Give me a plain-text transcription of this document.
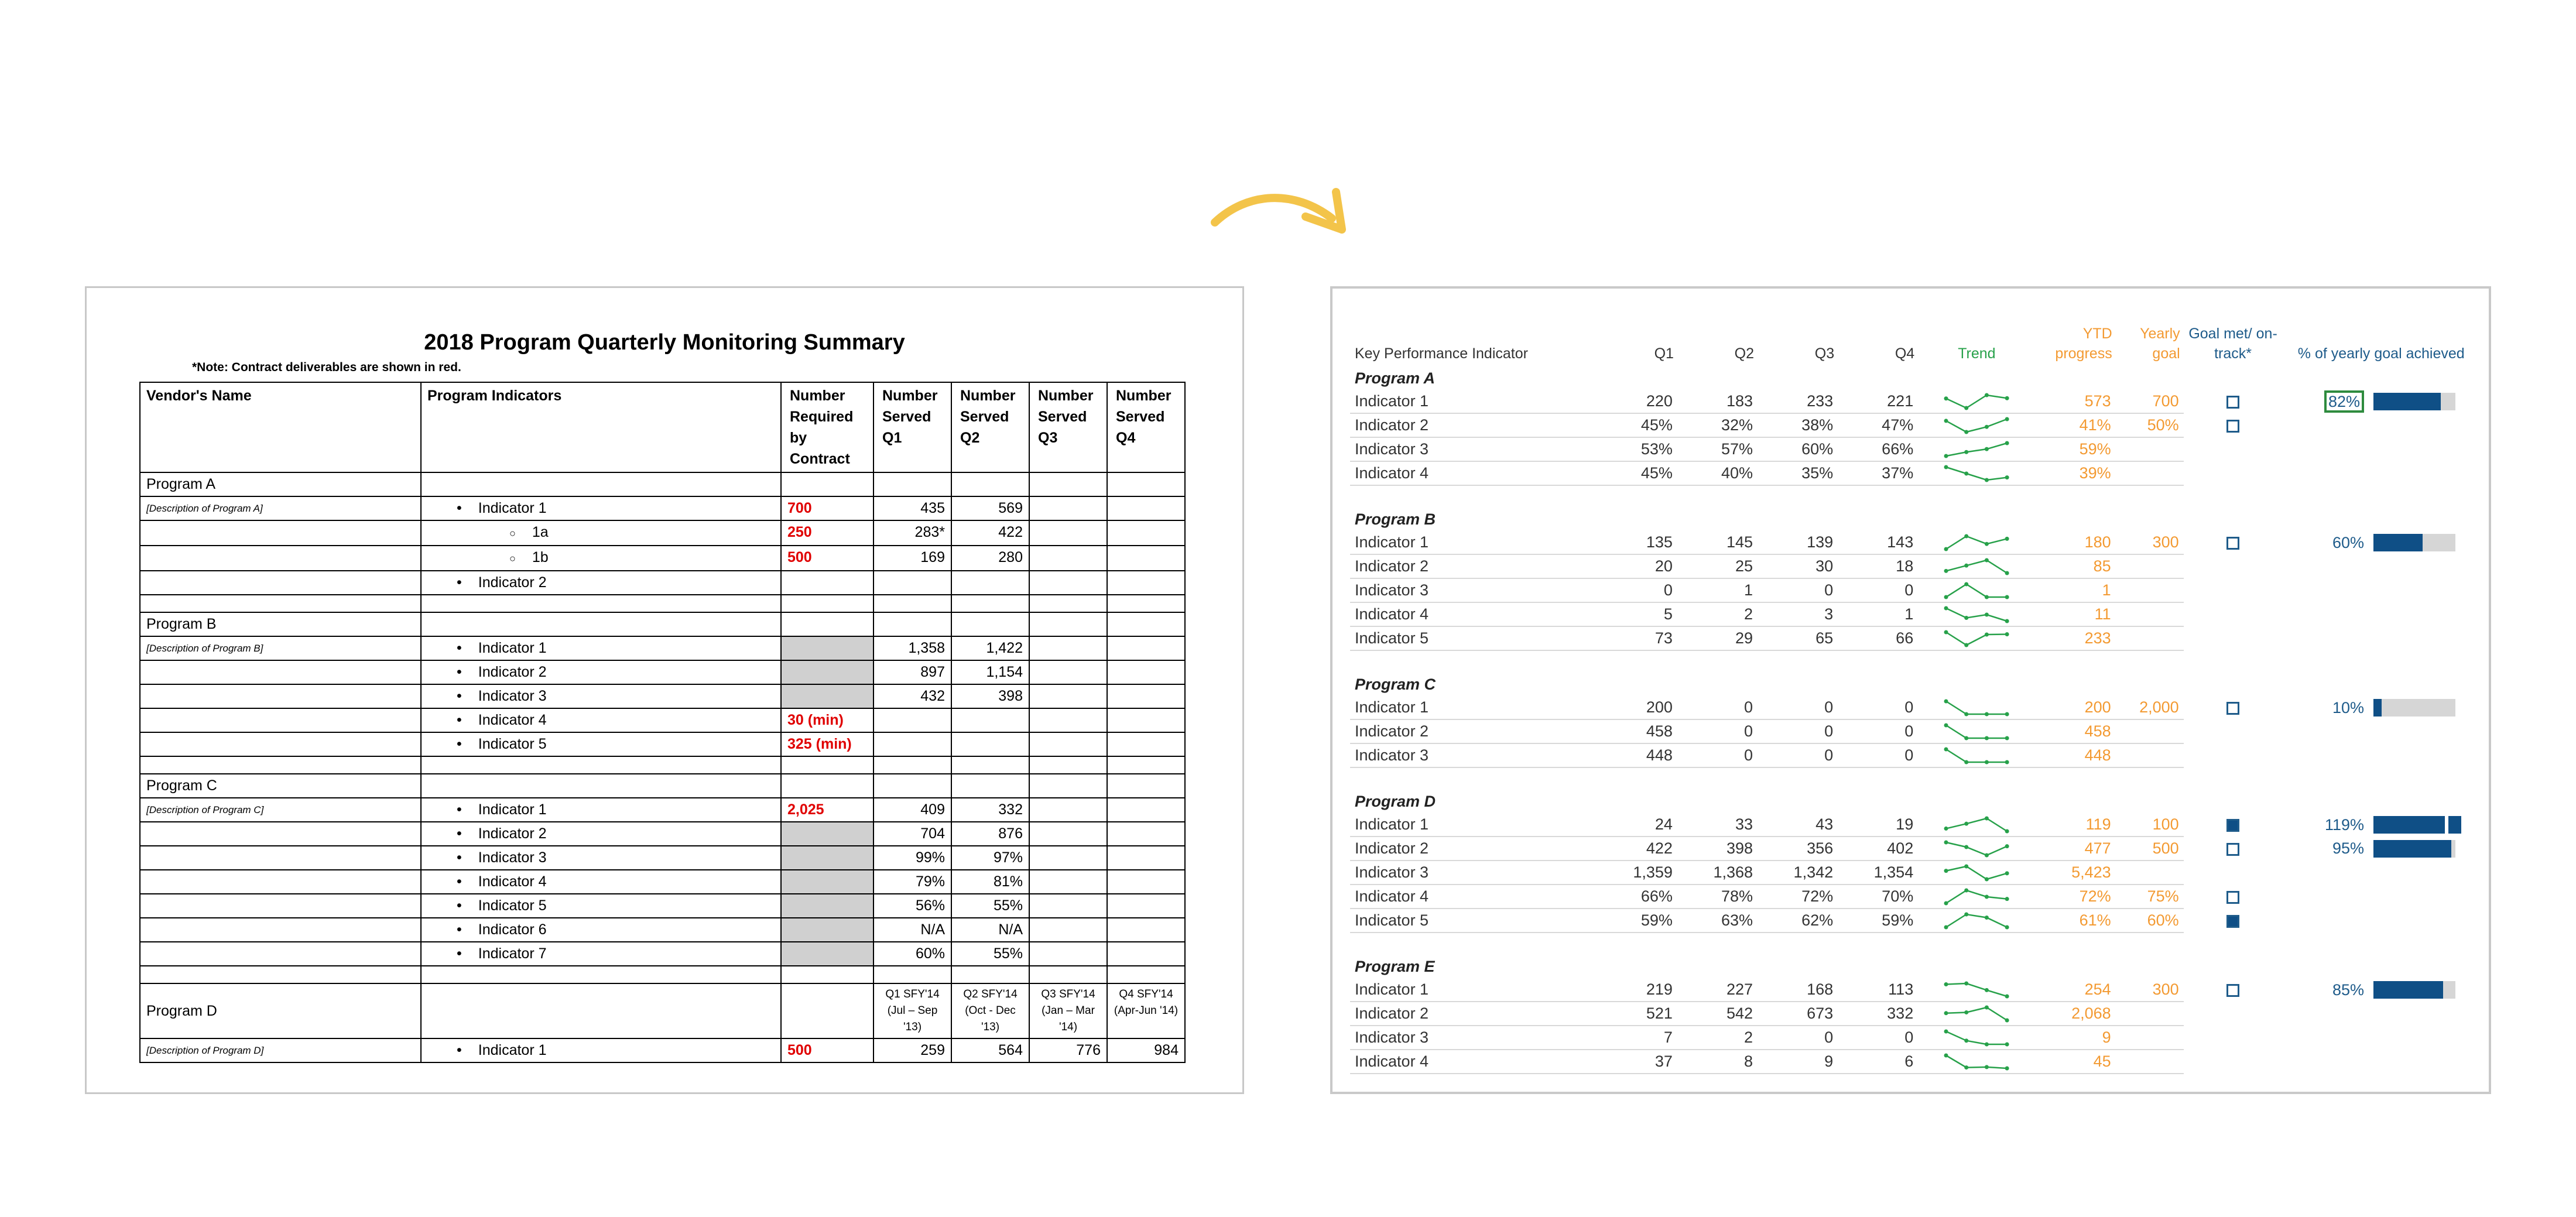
2018 Program Quarterly Monitoring Summary
*Note: Contract deliverables are shown in red.
Vendor's Name	Program Indicators	Number Required by Contract	Number Served Q1	Number Served Q2	Number Served Q3	Number Served Q4
Program A						
[Description of Program A]	• Indicator 1	700	435	569		
	○ 1a	250	283*	422		
	○ 1b	500	169	280		
	• Indicator 2					

Program B						
[Description of Program B]	• Indicator 1		1,358	1,422		
	• Indicator 2		897	1,154		
	• Indicator 3		432	398		
	• Indicator 4	30 (min)				
	• Indicator 5	325 (min)				

Program C						
[Description of Program C]	• Indicator 1	2,025	409	332		
	• Indicator 2		704	876		
	• Indicator 3		99%	97%		
	• Indicator 4		79%	81%		
	• Indicator 5		56%	55%		
	• Indicator 6		N/A	N/A		
	• Indicator 7		60%	55%		

Program D			Q1 SFY'14 (Jul – Sep '13)	Q2 SFY'14 (Oct - Dec '13)	Q3 SFY'14 (Jan – Mar '14)	Q4 SFY'14 (Apr-Jun '14)
[Description of Program D]	• Indicator 1	500	259	564	776	984
Key Performance Indicator	Q1	Q2	Q3	Q4	Trend	YTD progress	Yearly goal	Goal met/ on-track*	% of yearly goal achieved	
Program A										
Indicator 1	220	183	233	221		573	700		82%	

Indicator 2	45%	32%	38%	47%		41%	50%			
Indicator 3	53%	57%	60%	66%		59%				
Indicator 4	45%	40%	35%	37%		39%				

Program B										
Indicator 1	135	145	139	143		180	300		60%	

Indicator 2	20	25	30	18		85				
Indicator 3	0	1	0	0		1				
Indicator 4	5	2	3	1		11				
Indicator 5	73	29	65	66		233				

Program C										
Indicator 1	200	0	0	0		200	2,000		10%	

Indicator 2	458	0	0	0		458				
Indicator 3	448	0	0	0		448				

Program D										
Indicator 1	24	33	43	19		119	100		119%	

Indicator 2	422	398	356	402		477	500		95%	

Indicator 3	1,359	1,368	1,342	1,354		5,423				
Indicator 4	66%	78%	72%	70%		72%	75%			
Indicator 5	59%	63%	62%	59%		61%	60%			

Program E										
Indicator 1	219	227	168	113		254	300		85%	

Indicator 2	521	542	673	332		2,068				
Indicator 3	7	2	0	0		9				
Indicator 4	37	8	9	6		45				
